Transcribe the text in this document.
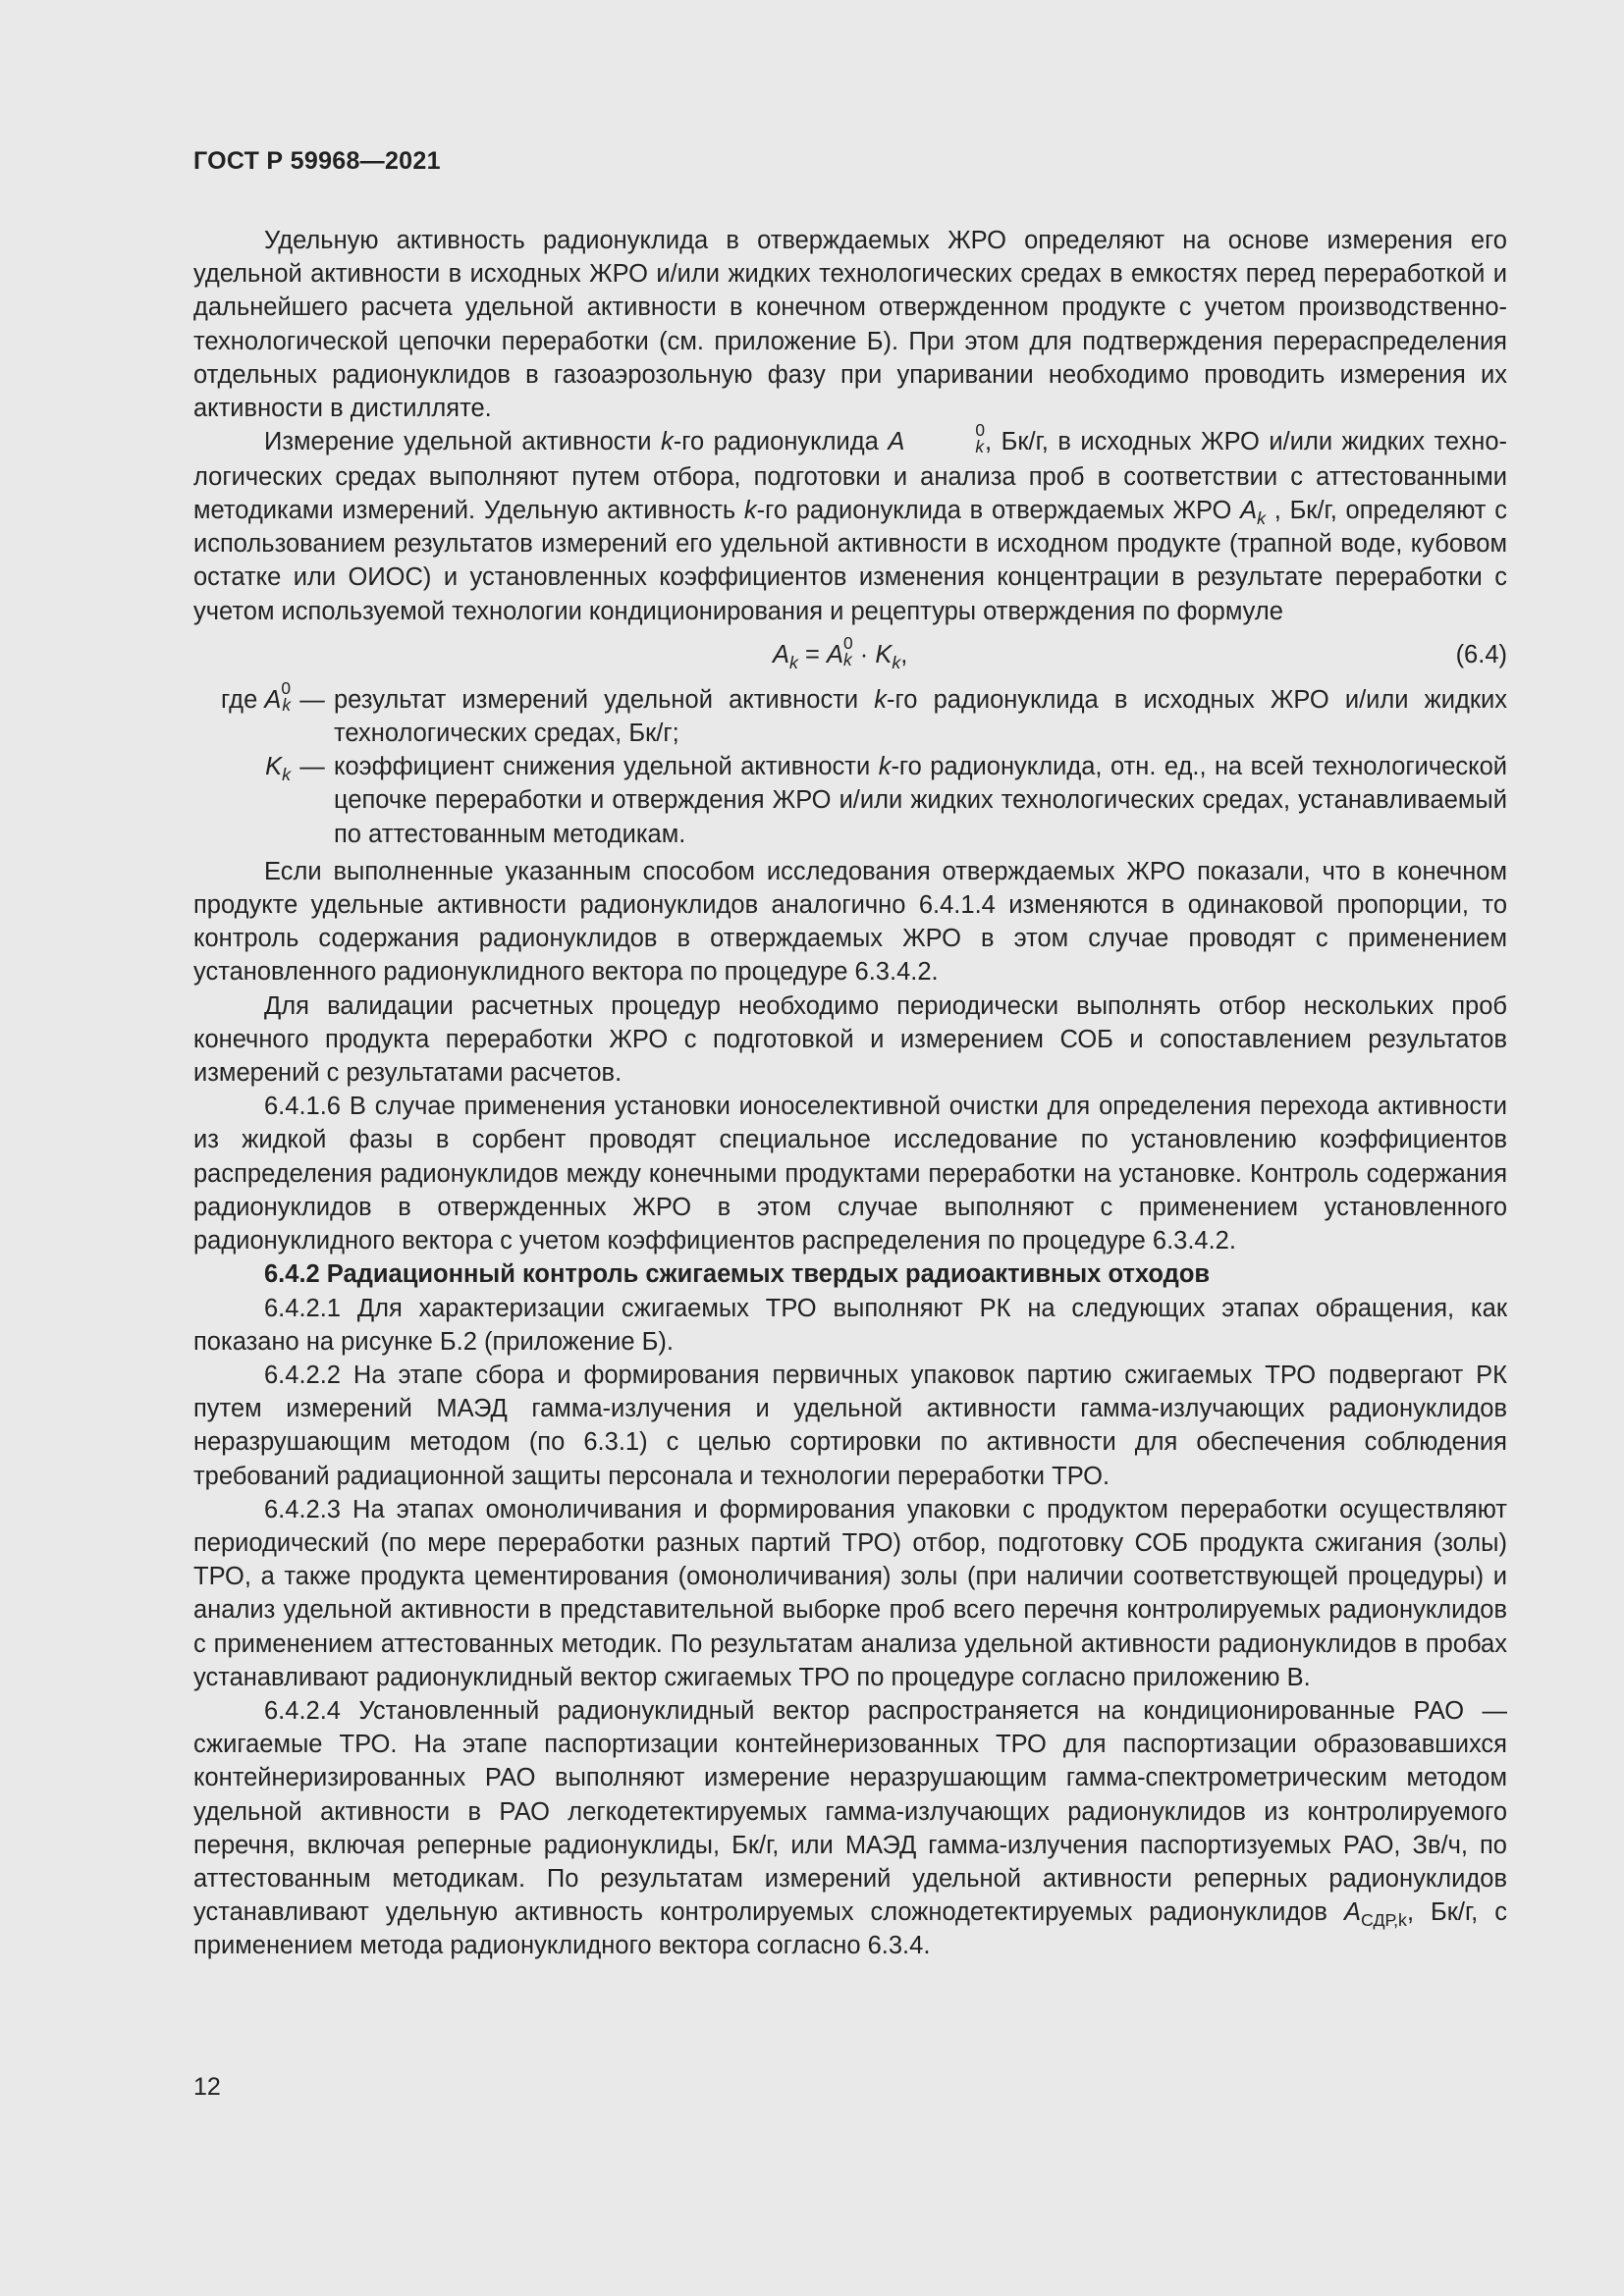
ГОСТ Р 59968—2021

Удельную активность радионуклида в отверждаемых ЖРО определяют на основе измерения его удельной активности в исходных ЖРО и/или жидких технологических средах в емкостях перед переработкой и дальнейшего расчета удельной активности в конечном отвержденном продукте с учетом производственно-технологической цепочки переработки (см. приложение Б). При этом для подтверждения перераспределения отдельных радионуклидов в газоаэрозольную фазу при упаривании необходимо проводить измерения их активности в дистилляте.

Измерение удельной активности k-го радионуклида A	0
k , Бк/г, в исходных ЖРО и/или жидких технологических средах выполняют путем отбора, подготовки и анализа проб в соответствии с аттестованными методиками измерений. Удельную активность k-го радионуклида в отверждаемых ЖРО $A_k$ , Бк/г, определяют с использованием результатов измерений его удельной активности в исходном продукте (трапной воде, кубовом остатке или ОИОС) и установленных коэффициентов изменения концентрации в результате переработки с учетом используемой технологии кондиционирования и рецептуры отверждения по формуле

$A_k = A$ 0
$k \cdot K_k$,	(6.4)
где A 0
k — результат измерений удельной активности k-го радионуклида в исходных ЖРО и/или жидких технологических средах, Бк/г;
$K_k$ — коэффициент снижения удельной активности k-го радионуклида, отн. ед., на всей технологической цепочке переработки и отверждения ЖРО и/или жидких технологических средах, устанавливаемый по аттестованным методикам.

Если выполненные указанным способом исследования отверждаемых ЖРО показали, что в конечном продукте удельные активности радионуклидов аналогично 6.4.1.4 изменяются в одинаковой пропорции, то контроль содержания радионуклидов в отверждаемых ЖРО в этом случае проводят с применением установленного радионуклидного вектора по процедуре 6.3.4.2.

Для валидации расчетных процедур необходимо периодически выполнять отбор нескольких проб конечного продукта переработки ЖРО с подготовкой и измерением СОБ и сопоставлением результатов измерений с результатами расчетов.

6.4.1.6 В случае применения установки ионоселективной очистки для определения перехода активности из жидкой фазы в сорбент проводят специальное исследование по установлению коэффициентов распределения радионуклидов между конечными продуктами переработки на установке. Контроль содержания радионуклидов в отвержденных ЖРО в этом случае выполняют с применением установленного радионуклидного вектора с учетом коэффициентов распределения по процедуре 6.3.4.2.

6.4.2 Радиационный контроль сжигаемых твердых радиоактивных отходов

6.4.2.1 Для характеризации сжигаемых ТРО выполняют РК на следующих этапах обращения, как показано на рисунке Б.2 (приложение Б).

6.4.2.2 На этапе сбора и формирования первичных упаковок партию сжигаемых ТРО подвергают РК путем измерений МАЭД гамма-излучения и удельной активности гамма-излучающих радионуклидов неразрушающим методом (по 6.3.1) с целью сортировки по активности для обеспечения соблюдения требований радиационной защиты персонала и технологии переработки ТРО.

6.4.2.3 На этапах омоноличивания и формирования упаковки с продуктом переработки осуществляют периодический (по мере переработки разных партий ТРО) отбор, подготовку СОБ продукта сжигания (золы) ТРО, а также продукта цементирования (омоноличивания) золы (при наличии соответствующей процедуры) и анализ удельной активности в представительной выборке проб всего перечня контролируемых радионуклидов с применением аттестованных методик. По результатам анализа удельной активности радионуклидов в пробах устанавливают радионуклидный вектор сжигаемых ТРО по процедуре согласно приложению В.

6.4.2.4 Установленный радионуклидный вектор распространяется на кондиционированные РАО — сжигаемые ТРО. На этапе паспортизации контейнеризованных ТРО для паспортизации образовавшихся контейнеризированных РАО выполняют измерение неразрушающим гамма-спектрометрическим методом удельной активности в РАО легкодетектируемых гамма-излучающих радионуклидов из контролируемого перечня, включая реперные радионуклиды, Бк/г, или МАЭД гамма-излучения паспортизуемых РАО, Зв/ч, по аттестованным методикам. По результатам измерений удельной активности реперных радионуклидов устанавливают удельную активность контролируемых сложнодетектируемых радионуклидов $A_{СДР,k}$, Бк/г, с применением метода радионуклидного вектора согласно 6.3.4.

12
